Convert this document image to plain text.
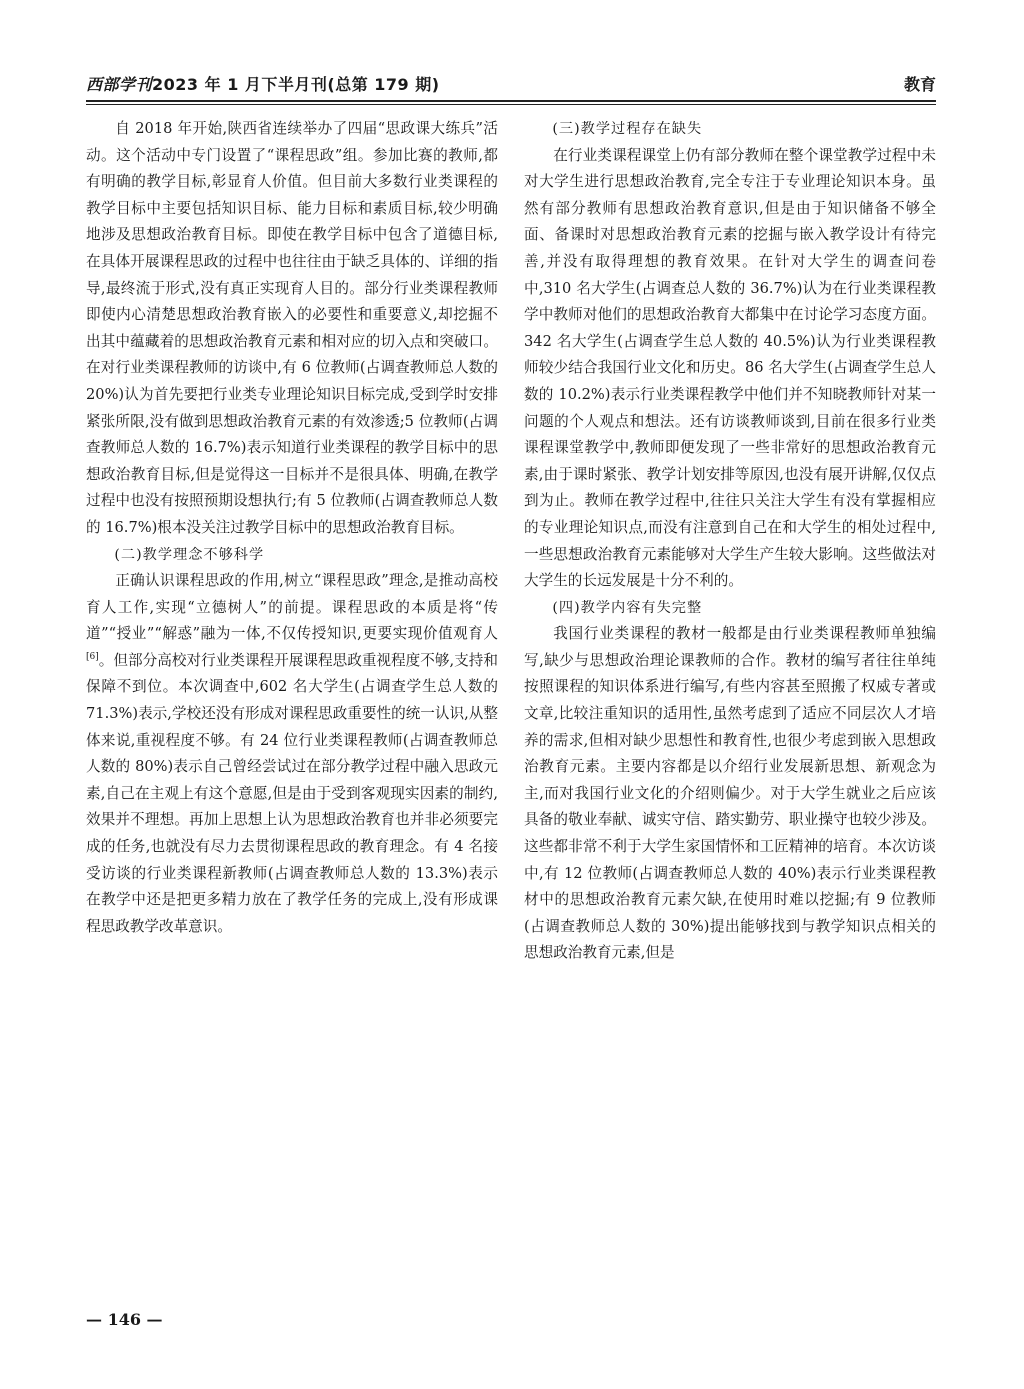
西部学刊2023 年 1 月下半月刊(总第 179 期)	教育

自 2018 年开始,陕西省连续举办了四届“思政课大练兵”活动。这个活动中专门设置了“课程思政”组。参加比赛的教师,都有明确的教学目标,彰显育人价值。但目前大多数行业类课程的教学目标中主要包括知识目标、能力目标和素质目标,较少明确地涉及思想政治教育目标。即使在教学目标中包含了道德目标,在具体开展课程思政的过程中也往往由于缺乏具体的、详细的指导,最终流于形式,没有真正实现育人目的。部分行业类课程教师即使内心清楚思想政治教育嵌入的必要性和重要意义,却挖掘不出其中蕴藏着的思想政治教育元素和相对应的切入点和突破口。在对行业类课程教师的访谈中,有 6 位教师(占调查教师总人数的 20%)认为首先要把行业类专业理论知识目标完成,受到学时安排紧张所限,没有做到思想政治教育元素的有效渗透;5 位教师(占调查教师总人数的 16.7%)表示知道行业类课程的教学目标中的思想政治教育目标,但是觉得这一目标并不是很具体、明确,在教学过程中也没有按照预期设想执行;有 5 位教师(占调查教师总人数的 16.7%)根本没关注过教学目标中的思想政治教育目标。

(二)教学理念不够科学

正确认识课程思政的作用,树立“课程思政”理念,是推动高校育人工作,实现“立德树人”的前提。课程思政的本质是将“传道”“授业”“解惑”融为一体,不仅传授知识,更要实现价值观育人[6]。但部分高校对行业类课程开展课程思政重视程度不够,支持和保障不到位。本次调查中,602 名大学生(占调查学生总人数的 71.3%)表示,学校还没有形成对课程思政重要性的统一认识,从整体来说,重视程度不够。有 24 位行业类课程教师(占调查教师总人数的 80%)表示自己曾经尝试过在部分教学过程中融入思政元素,自己在主观上有这个意愿,但是由于受到客观现实因素的制约,效果并不理想。再加上思想上认为思想政治教育也并非必须要完成的任务,也就没有尽力去贯彻课程思政的教育理念。有 4 名接受访谈的行业类课程新教师(占调查教师总人数的 13.3%)表示在教学中还是把更多精力放在了教学任务的完成上,没有形成课程思政教学改革意识。

(三)教学过程存在缺失

在行业类课程课堂上仍有部分教师在整个课堂教学过程中未对大学生进行思想政治教育,完全专注于专业理论知识本身。虽然有部分教师有思想政治教育意识,但是由于知识储备不够全面、备课时对思想政治教育元素的挖掘与嵌入教学设计有待完善,并没有取得理想的教育效果。在针对大学生的调查问卷中,310 名大学生(占调查总人数的 36.7%)认为在行业类课程教学中教师对他们的思想政治教育大都集中在讨论学习态度方面。342 名大学生(占调查学生总人数的 40.5%)认为行业类课程教师较少结合我国行业文化和历史。86 名大学生(占调查学生总人数的 10.2%)表示行业类课程教学中他们并不知晓教师针对某一问题的个人观点和想法。还有访谈教师谈到,目前在很多行业类课程课堂教学中,教师即便发现了一些非常好的思想政治教育元素,由于课时紧张、教学计划安排等原因,也没有展开讲解,仅仅点到为止。教师在教学过程中,往往只关注大学生有没有掌握相应的专业理论知识点,而没有注意到自己在和大学生的相处过程中,一些思想政治教育元素能够对大学生产生较大影响。这些做法对大学生的长远发展是十分不利的。

(四)教学内容有失完整

我国行业类课程的教材一般都是由行业类课程教师单独编写,缺少与思想政治理论课教师的合作。教材的编写者往往单纯按照课程的知识体系进行编写,有些内容甚至照搬了权威专著或文章,比较注重知识的适用性,虽然考虑到了适应不同层次人才培养的需求,但相对缺少思想性和教育性,也很少考虑到嵌入思想政治教育元素。主要内容都是以介绍行业发展新思想、新观念为主,而对我国行业文化的介绍则偏少。对于大学生就业之后应该具备的敬业奉献、诚实守信、踏实勤劳、职业操守也较少涉及。这些都非常不利于大学生家国情怀和工匠精神的培育。本次访谈中,有 12 位教师(占调查教师总人数的 40%)表示行业类课程教材中的思想政治教育元素欠缺,在使用时难以挖掘;有 9 位教师(占调查教师总人数的 30%)提出能够找到与教学知识点相关的思想政治教育元素,但是

— 146 —
